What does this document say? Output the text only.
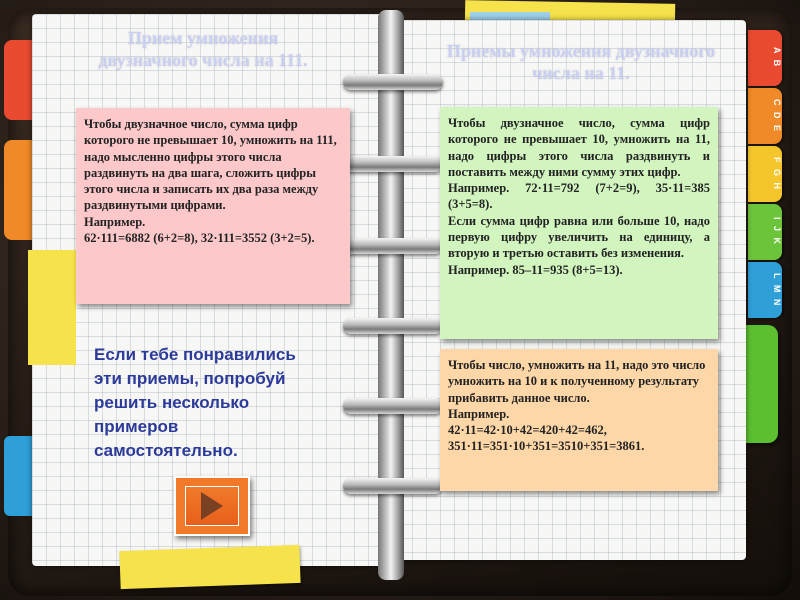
A B
C D E
F G H
I J K
L M N
Прием умножения двузначного числа на 111.	Приемы умножения двузначного числа на 11.

Чтобы двузначное число, сумма цифр которого не превышает 10, умножить на 111, надо мысленно цифры этого числа раздвинуть на два шага, сложить цифры этого числа и записать их два раза между раздвинутыми цифрами.

Например.

62·111=6882 (6+2=8), 32·111=3552 (3+2=5).

Чтобы двузначное число, сумма цифр которого не превышает 10, умножить на 11, надо цифры этого числа раздвинуть и поставить между ними сумму этих цифр.

Например. 72·11=792 (7+2=9), 35·11=385 (3+5=8).

Если сумма цифр равна или больше 10, надо первую цифру увеличить на единицу, а вторую и третью оставить без изменения.

Например. 85–11=935 (8+5=13).

Чтобы число, умножить на 11, надо это число умножить на 10 и к полученному результату прибавить данное число.

Например.

42·11=42·10+42=420+42=462, 351·11=351·10+351=3510+351=3861.

Если тебе понравились эти приемы, попробуй решить несколько примеров самостоятельно.
